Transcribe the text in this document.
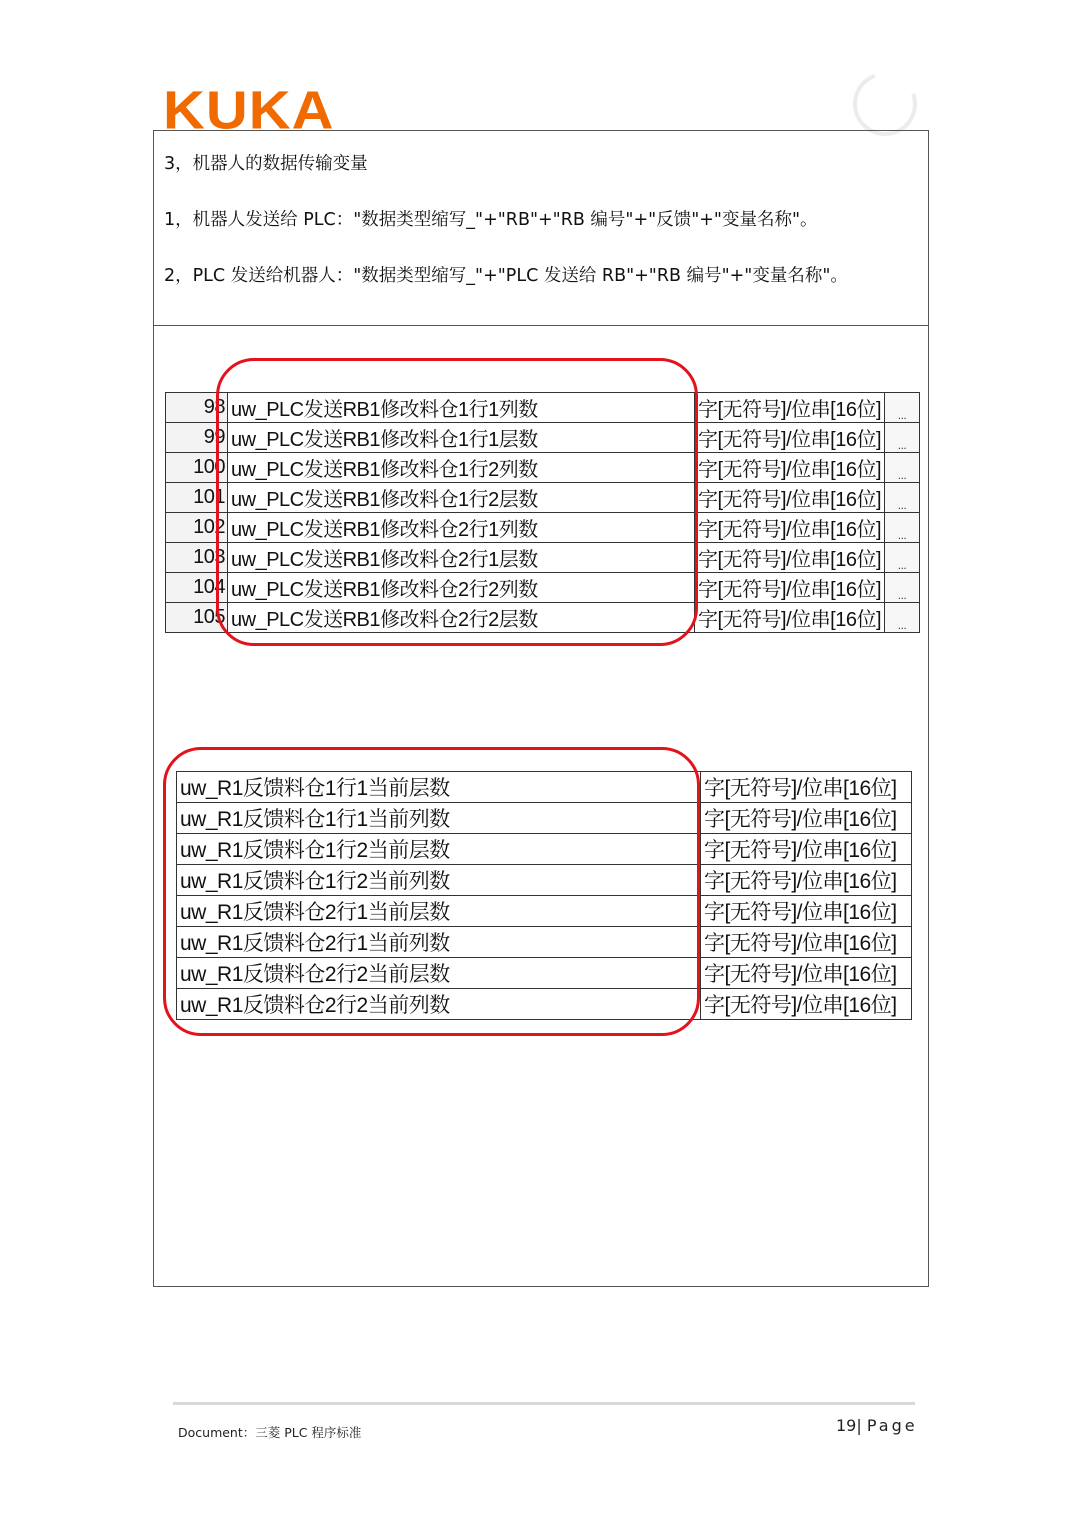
KUKA
3，机器人的数据传输变量
1，机器人发送给 PLC："数据类型缩写_"+"RB"+"RB 编号"+"反馈"+"变量名称"。
2，PLC 发送给机器人："数据类型缩写_"+"PLC 发送给 RB"+"RB 编号"+"变量名称"。
98	uw_PLC发送RB1修改料仓1行1列数	字[无符号]/位串[16位]	...
99	uw_PLC发送RB1修改料仓1行1层数	字[无符号]/位串[16位]	...
100	uw_PLC发送RB1修改料仓1行2列数	字[无符号]/位串[16位]	...
101	uw_PLC发送RB1修改料仓1行2层数	字[无符号]/位串[16位]	...
102	uw_PLC发送RB1修改料仓2行1列数	字[无符号]/位串[16位]	...
103	uw_PLC发送RB1修改料仓2行1层数	字[无符号]/位串[16位]	...
104	uw_PLC发送RB1修改料仓2行2列数	字[无符号]/位串[16位]	...
105	uw_PLC发送RB1修改料仓2行2层数	字[无符号]/位串[16位]	...
uw_R1反馈料仓1行1当前层数	字[无符号]/位串[16位]
uw_R1反馈料仓1行1当前列数	字[无符号]/位串[16位]
uw_R1反馈料仓1行2当前层数	字[无符号]/位串[16位]
uw_R1反馈料仓1行2当前列数	字[无符号]/位串[16位]
uw_R1反馈料仓2行1当前层数	字[无符号]/位串[16位]
uw_R1反馈料仓2行1当前列数	字[无符号]/位串[16位]
uw_R1反馈料仓2行2当前层数	字[无符号]/位串[16位]
uw_R1反馈料仓2行2当前列数	字[无符号]/位串[16位]
Document：三菱 PLC 程序标准	19| Page
